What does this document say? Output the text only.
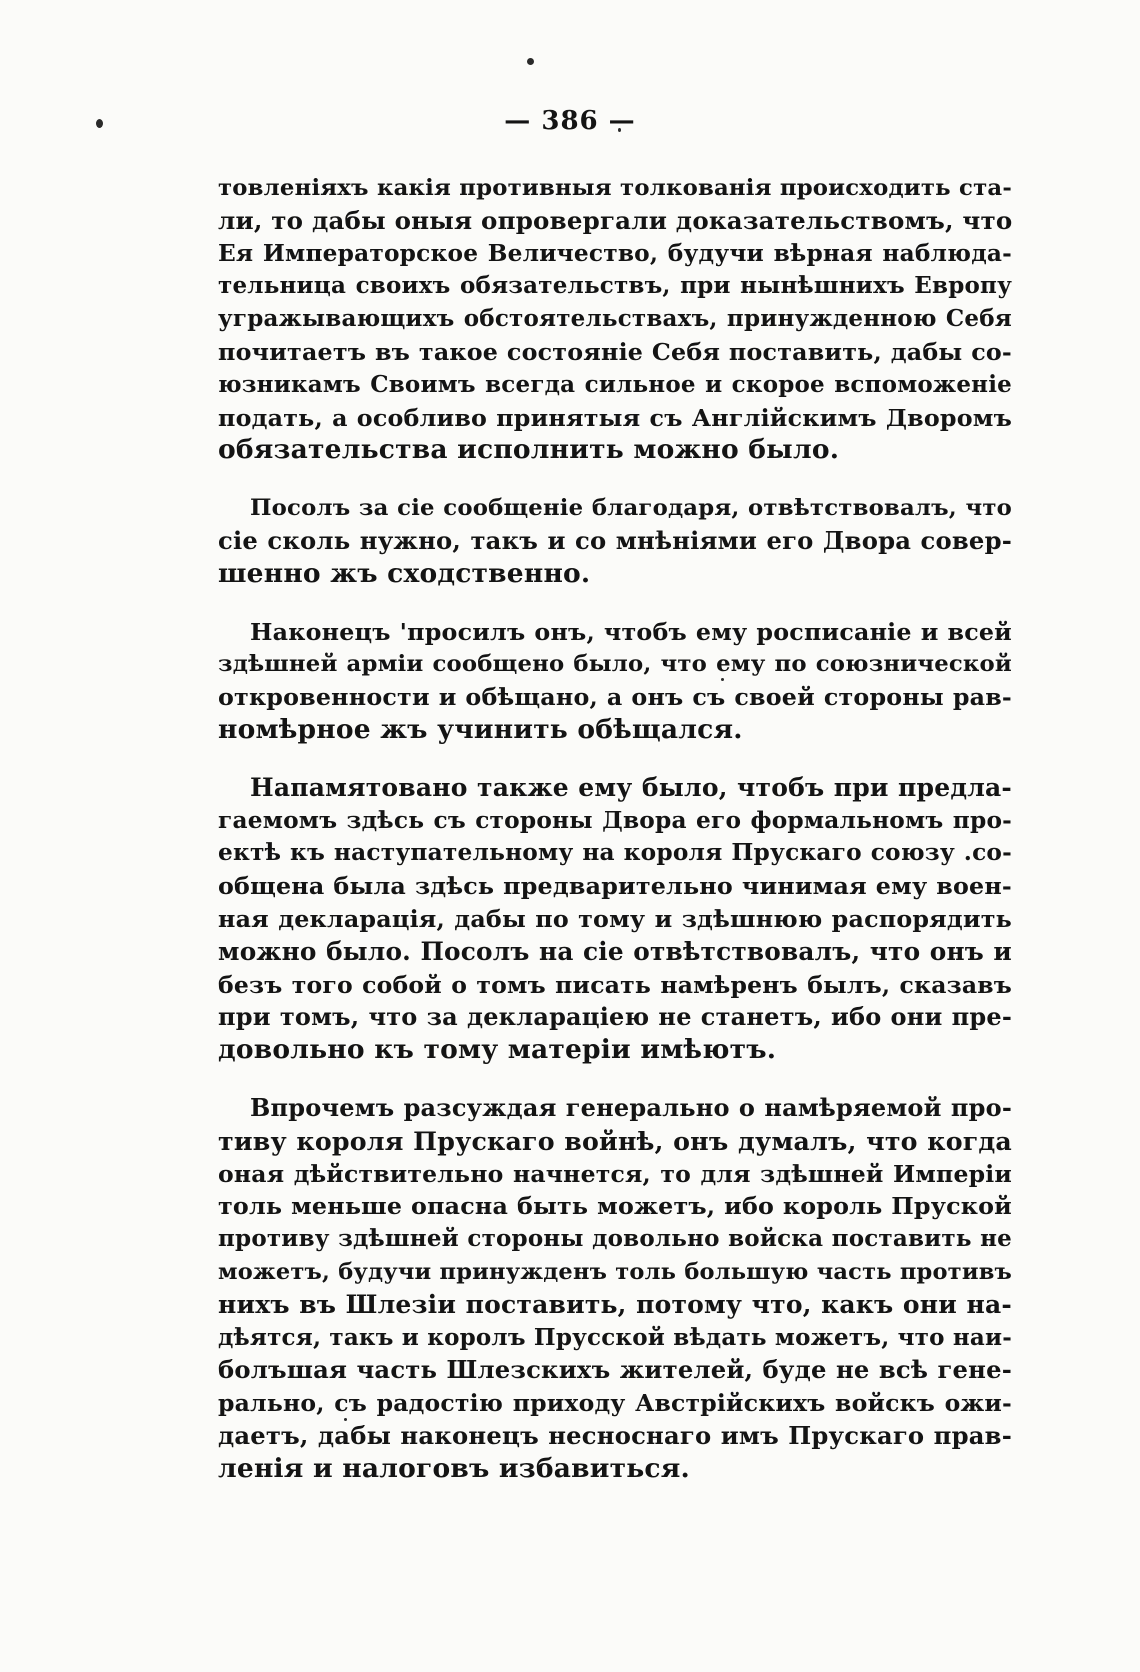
— 386 —
товленіяхъ какія противныя толкованія происходить ста-
ли, то дабы оныя опровергали доказательствомъ, что
Ея Императорское Величество, будучи вѣрная наблюда-
тельница своихъ обязательствъ, при нынѣшнихъ Европу
угражывающихъ обстоятельствахъ, принужденною Себя
почитаетъ въ такое состояніе Себя поставить, дабы со-
юзникамъ Своимъ всегда сильное и скорое вспоможеніе
подать, а особливо принятыя съ Англійскимъ Дворомъ
обязательства исполнить можно было.
Посолъ за сіе сообщеніе благодаря, отвѣтствовалъ, что
сіе сколь нужно, такъ и со мнѣніями его Двора совер-
шенно жъ сходственно.
Наконецъ 'просилъ онъ, чтобъ ему росписаніе и всей
здѣшней арміи сообщено было, что ему по союзнической
откровенности и обѣщано, а онъ съ своей стороны рав-
номѣрное жъ учинить обѣщался.
Напамятовано также ему было, чтобъ при предла-
гаемомъ здѣсь съ стороны Двора его формальномъ про-
ектѣ къ наступательному на короля Прускаго союзу .со-
общена была здѣсь предварительно чинимая ему воен-
ная декларація, дабы по тому и здѣшнюю распорядить
можно было. Посолъ на сіе отвѣтствовалъ, что онъ и
безъ того собой о томъ писать намѣренъ былъ, сказавъ
при томъ, что за деклараціею не станетъ, ибо они пре-
довольно къ тому матеріи имѣютъ.
Впрочемъ разсуждая генерально о намѣряемой про-
тиву короля Прускаго войнѣ, онъ думалъ, что когда
оная дѣйствительно начнется, то для здѣшней Имперіи
толь меньше опасна быть можетъ, ибо король Пруской
противу здѣшней стороны довольно войска поставить не
можетъ, будучи принужденъ толь большую часть противъ
нихъ въ Шлезіи поставить, потому что, какъ они на-
дѣятся, такъ и королъ Прусской вѣдать можетъ, что наи-
болъшая часть Шлезскихъ жителей, буде не всѣ гене-
рально, съ радостію приходу Австрійскихъ войскъ ожи-
даетъ, дабы наконецъ несноснаго имъ Прускаго прав-
ленія и налоговъ избавиться.
